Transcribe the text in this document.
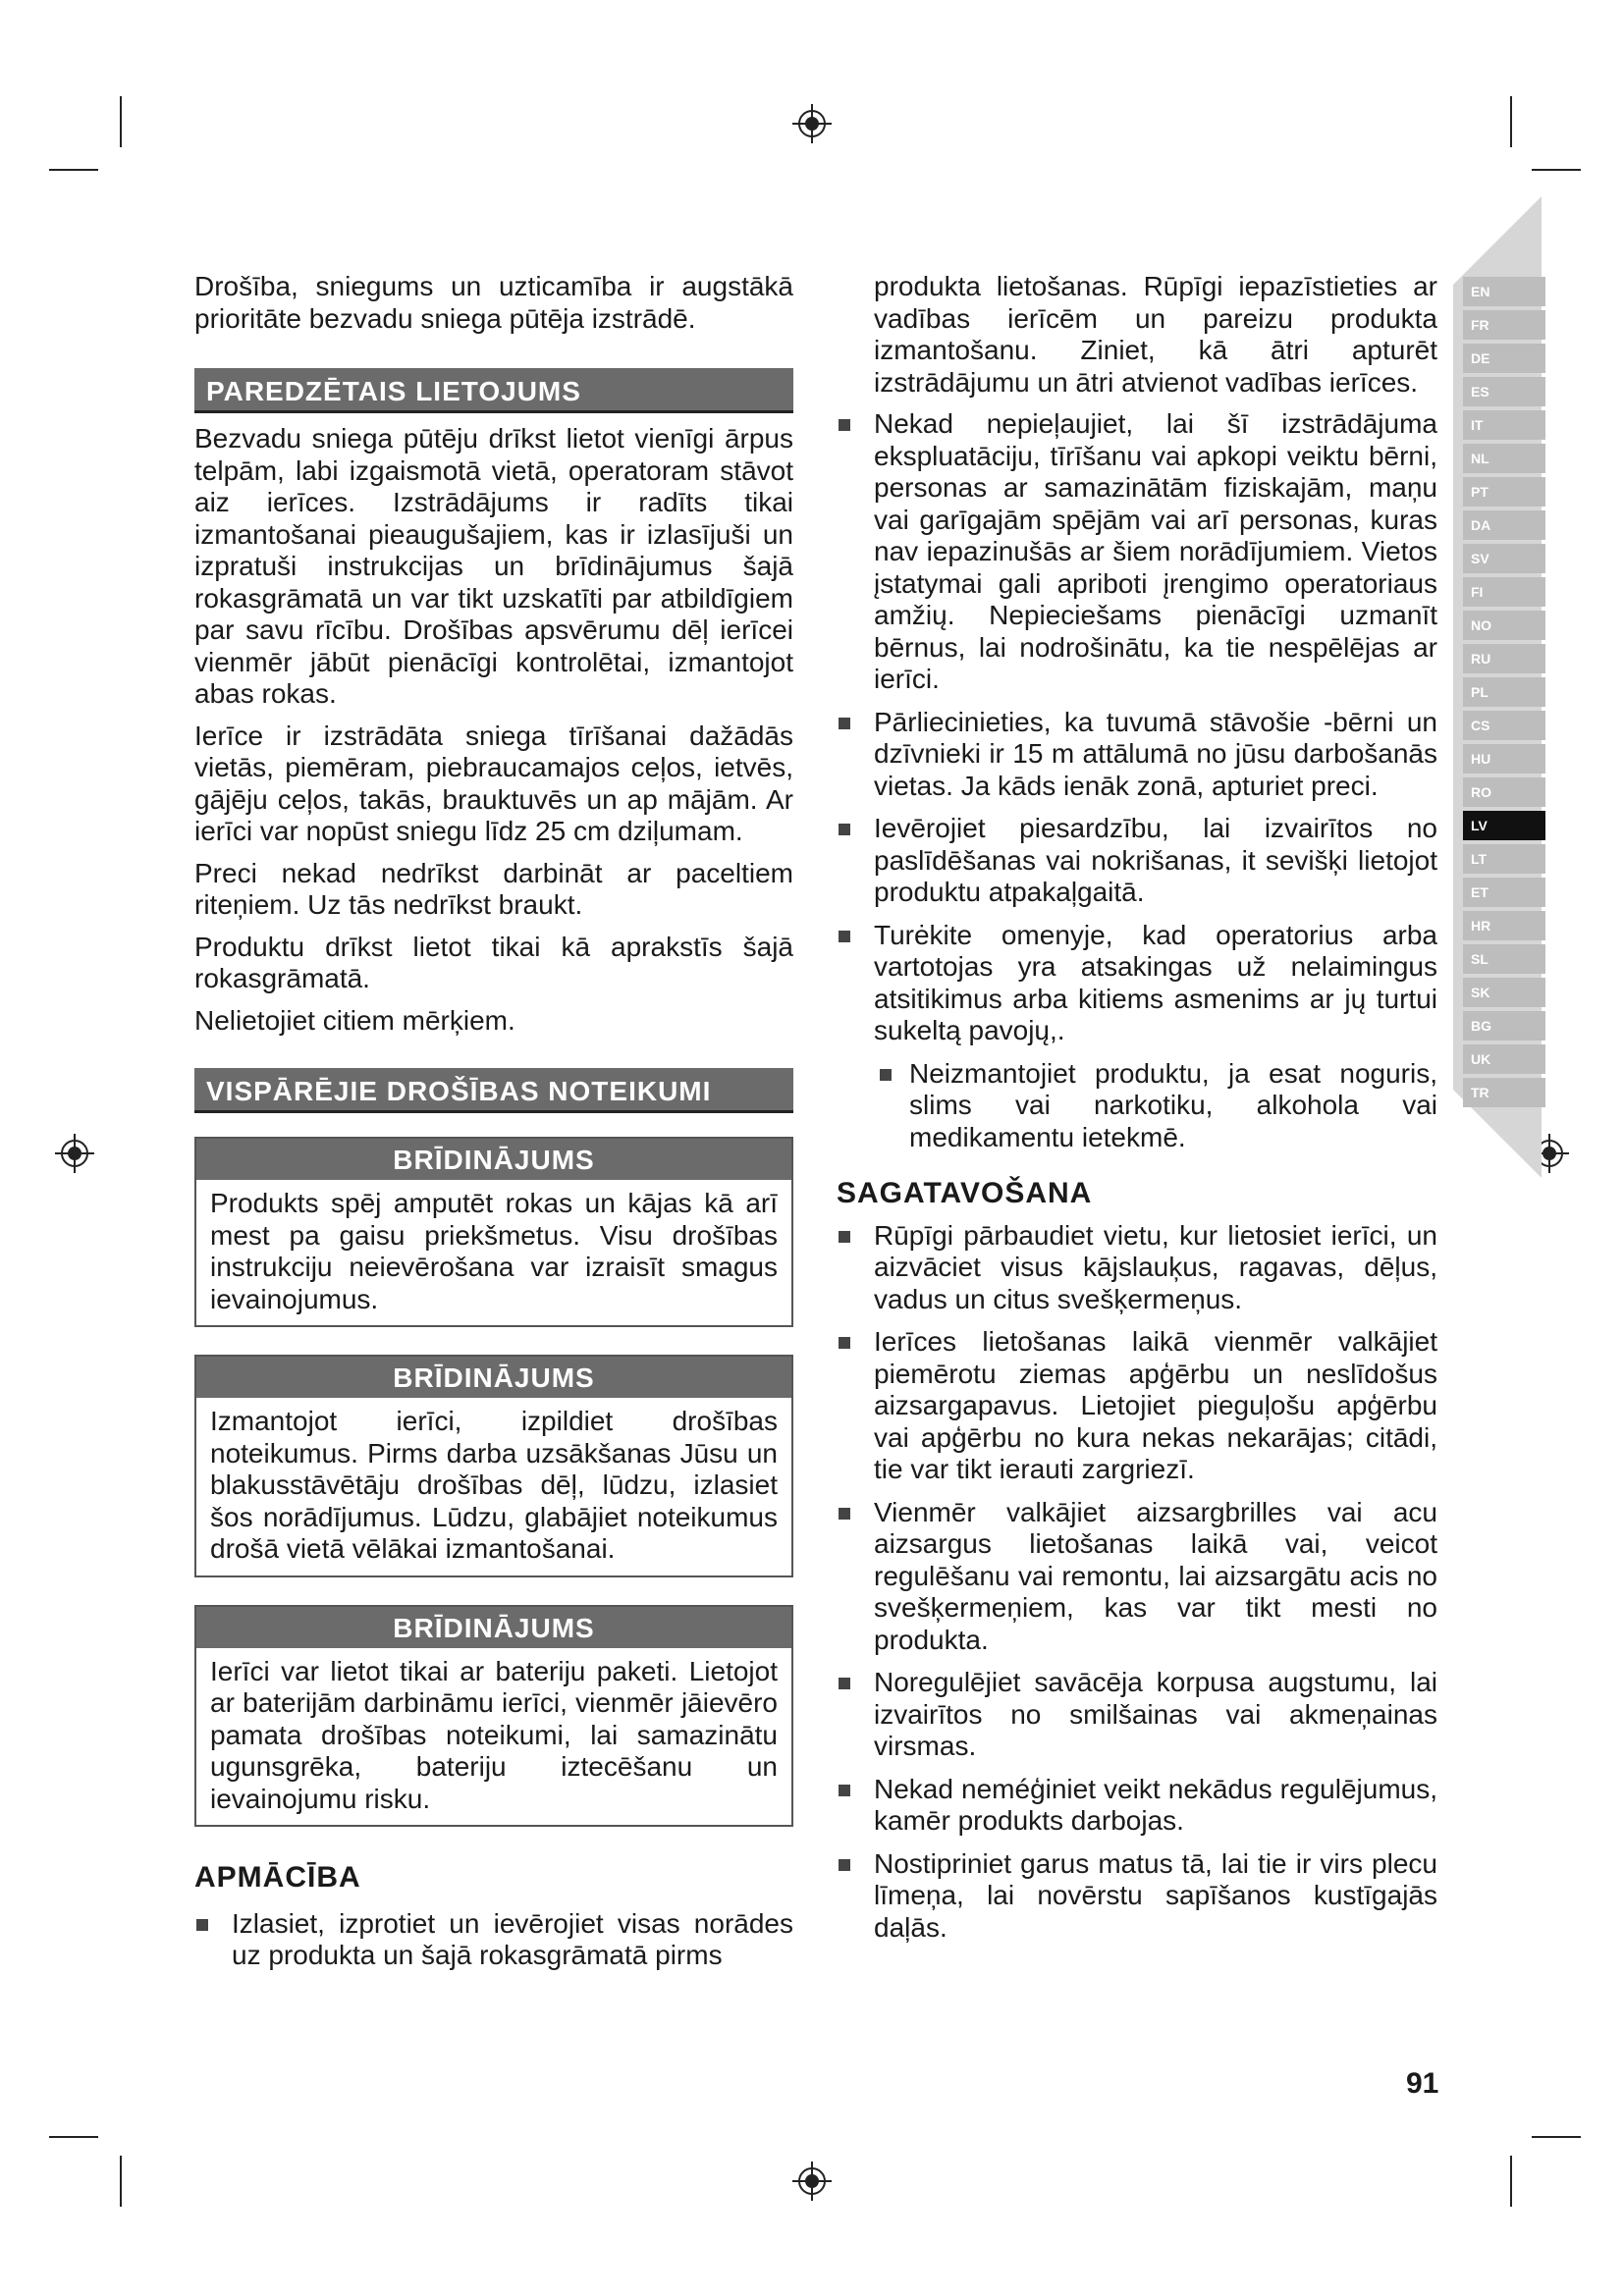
Drošība, sniegums un uzticamība ir augstākā prioritāte bezvadu sniega pūtēja izstrādē.

PAREDZĒTAIS LIETOJUMS

Bezvadu sniega pūtēju drīkst lietot vienīgi ārpus telpām, labi izgaismotā vietā, operatoram stāvot aiz ierīces. Izstrādājums ir radīts tikai izmantošanai pieaugušajiem, kas ir izlasījuši un izpratuši instrukcijas un brīdinājumus šajā rokasgrāmatā un var tikt uzskatīti par atbildīgiem par savu rīcību. Drošības apsvērumu dēļ ierīcei vienmēr jābūt pienācīgi kontrolētai, izmantojot abas rokas.

Ierīce ir izstrādāta sniega tīrīšanai dažādās vietās, piemēram, piebraucamajos ceļos, ietvēs, gājēju ceļos, takās, brauktuvēs un ap mājām. Ar ierīci var nopūst sniegu līdz 25 cm dziļumam.

Preci nekad nedrīkst darbināt ar paceltiem riteņiem. Uz tās nedrīkst braukt.

Produktu drīkst lietot tikai kā aprakstīs šajā rokasgrāmatā.

Nelietojiet citiem mērķiem.

VISPĀRĒJIE DROŠĪBAS NOTEIKUMI
BRĪDINĀJUMS
Produkts spēj amputēt rokas un kājas kā arī mest pa gaisu priekšmetus. Visu drošības instrukciju neievērošana var izraisīt smagus ievainojumus.
BRĪDINĀJUMS
Izmantojot ierīci, izpildiet drošības noteikumus. Pirms darba uzsākšanas Jūsu un blakusstāvētāju drošības dēļ, lūdzu, izlasiet šos norādījumus. Lūdzu, glabājiet noteikumus drošā vietā vēlākai izmantošanai.
BRĪDINĀJUMS
Ierīci var lietot tikai ar bateriju paketi. Lietojot ar baterijām darbināmu ierīci, vienmēr jāievēro pamata drošības noteikumi, lai samazinātu ugunsgrēka, bateriju iztecēšanu un ievainojumu risku.
APMĀCĪBA
Izlasiet, izprotiet un ievērojiet visas norādes uz produkta un šajā rokasgrāmatā pirms

produkta lietošanas. Rūpīgi iepazīstieties ar vadības ierīcēm un pareizu produkta izmantošanu. Ziniet, kā ātri apturēt izstrādājumu un ātri atvienot vadības ierīces.

Nekad nepieļaujiet, lai šī izstrādājuma ekspluatāciju, tīrīšanu vai apkopi veiktu bērni, personas ar samazinātām fiziskajām, maņu vai garīgajām spējām vai arī personas, kuras nav iepazinušās ar šiem norādījumiem. Vietos įstatymai gali apriboti įrengimo operatoriaus amžių. Nepieciešams pienācīgi uzmanīt bērnus, lai nodrošinātu, ka tie nespēlējas ar ierīci.
Pārliecinieties, ka tuvumā stāvošie -bērni un dzīvnieki ir 15 m attālumā no jūsu darbošanās vietas. Ja kāds ienāk zonā, apturiet preci.
Ievērojiet piesardzību, lai izvairītos no paslīdēšanas vai nokrišanas, it sevišķi lietojot produktu atpakaļgaitā.
Turėkite omenyje, kad operatorius arba vartotojas yra atsakingas už nelaimingus atsitikimus arba kitiems asmenims ar jų turtui sukeltą pavojų,.
Neizmantojiet produktu, ja esat noguris, slims vai narkotiku, alkohola vai medikamentu ietekmē.
SAGATAVOŠANA
Rūpīgi pārbaudiet vietu, kur lietosiet ierīci, un aizvāciet visus kājslauķus, ragavas, dēļus, vadus un citus svešķermeņus.
Ierīces lietošanas laikā vienmēr valkājiet piemērotu ziemas apģērbu un neslīdošus aizsargapavus. Lietojiet pieguļošu apģērbu vai apģērbu no kura nekas nekarājas; citādi, tie var tikt ierauti zargriezī.
Vienmēr valkājiet aizsargbrilles vai acu aizsargus lietošanas laikā vai, veicot regulēšanu vai remontu, lai aizsargātu acis no svešķermeņiem, kas var tikt mesti no produkta.
Noregulējiet savācēja korpusa augstumu, lai izvairītos no smilšainas vai akmeņainas virsmas.
Nekad neméģiniet veikt nekādus regulējumus, kamēr produkts darbojas.
Nostipriniet garus matus tā, lai tie ir virs plecu līmeņa, lai novērstu sapīšanos kustīgajās daļās.
EN
FR
DE
ES
IT
NL
PT
DA
SV
FI
NO
RU
PL
CS
HU
RO
LV
LT
ET
HR
SL
SK
BG
UK
TR
91
